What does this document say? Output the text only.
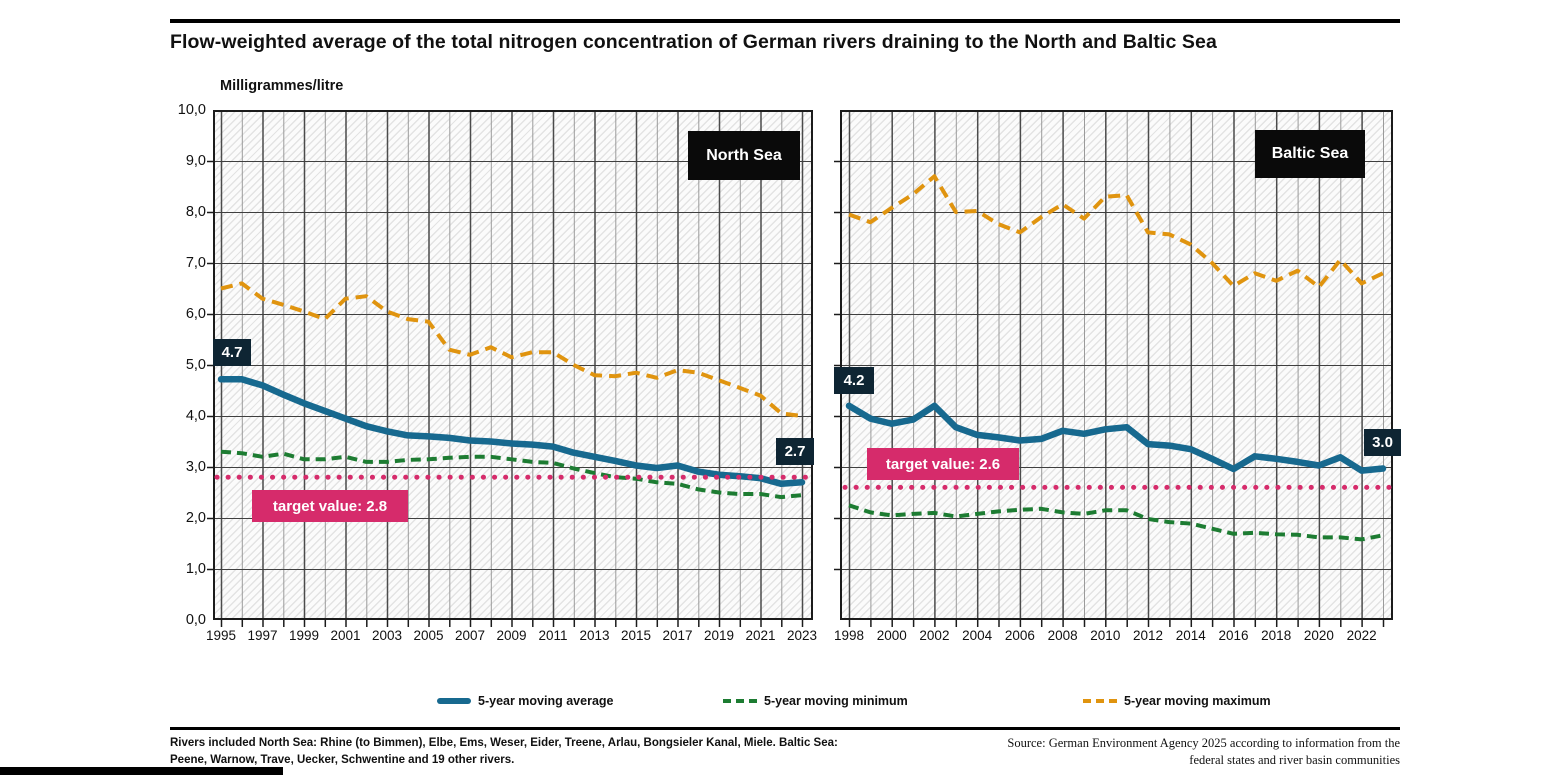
Flow-weighted average of the total nitrogen concentration of German rivers draining to the North and Baltic Sea
Milligrammes/litre
10,0
9,0
8,0
7,0
6,0
5,0
4,0
3,0
2,0
1,0
0,0
North Sea
4.7
2.7
target value: 2.8
Baltic Sea
4.2
3.0
target value: 2.6
1995 1997 1999 2001 2003 2005 2007 2009 2011 2013 2015 2017 2019 2021 2023 1998 2000 2002 2004 2006 2008 2010 2012 2014 2016 2018 2020 2022
5-year moving average	5-year moving minimum	5-year moving maximum
Rivers included North Sea: Rhine (to Bimmen), Elbe, Ems, Weser, Eider, Treene, Arlau, Bongsieler Kanal, Miele. Baltic Sea:
Peene, Warnow, Trave, Uecker, Schwentine and 19 other rivers.
Source: German Environment Agency 2025 according to information from the
federal states and river basin communities
